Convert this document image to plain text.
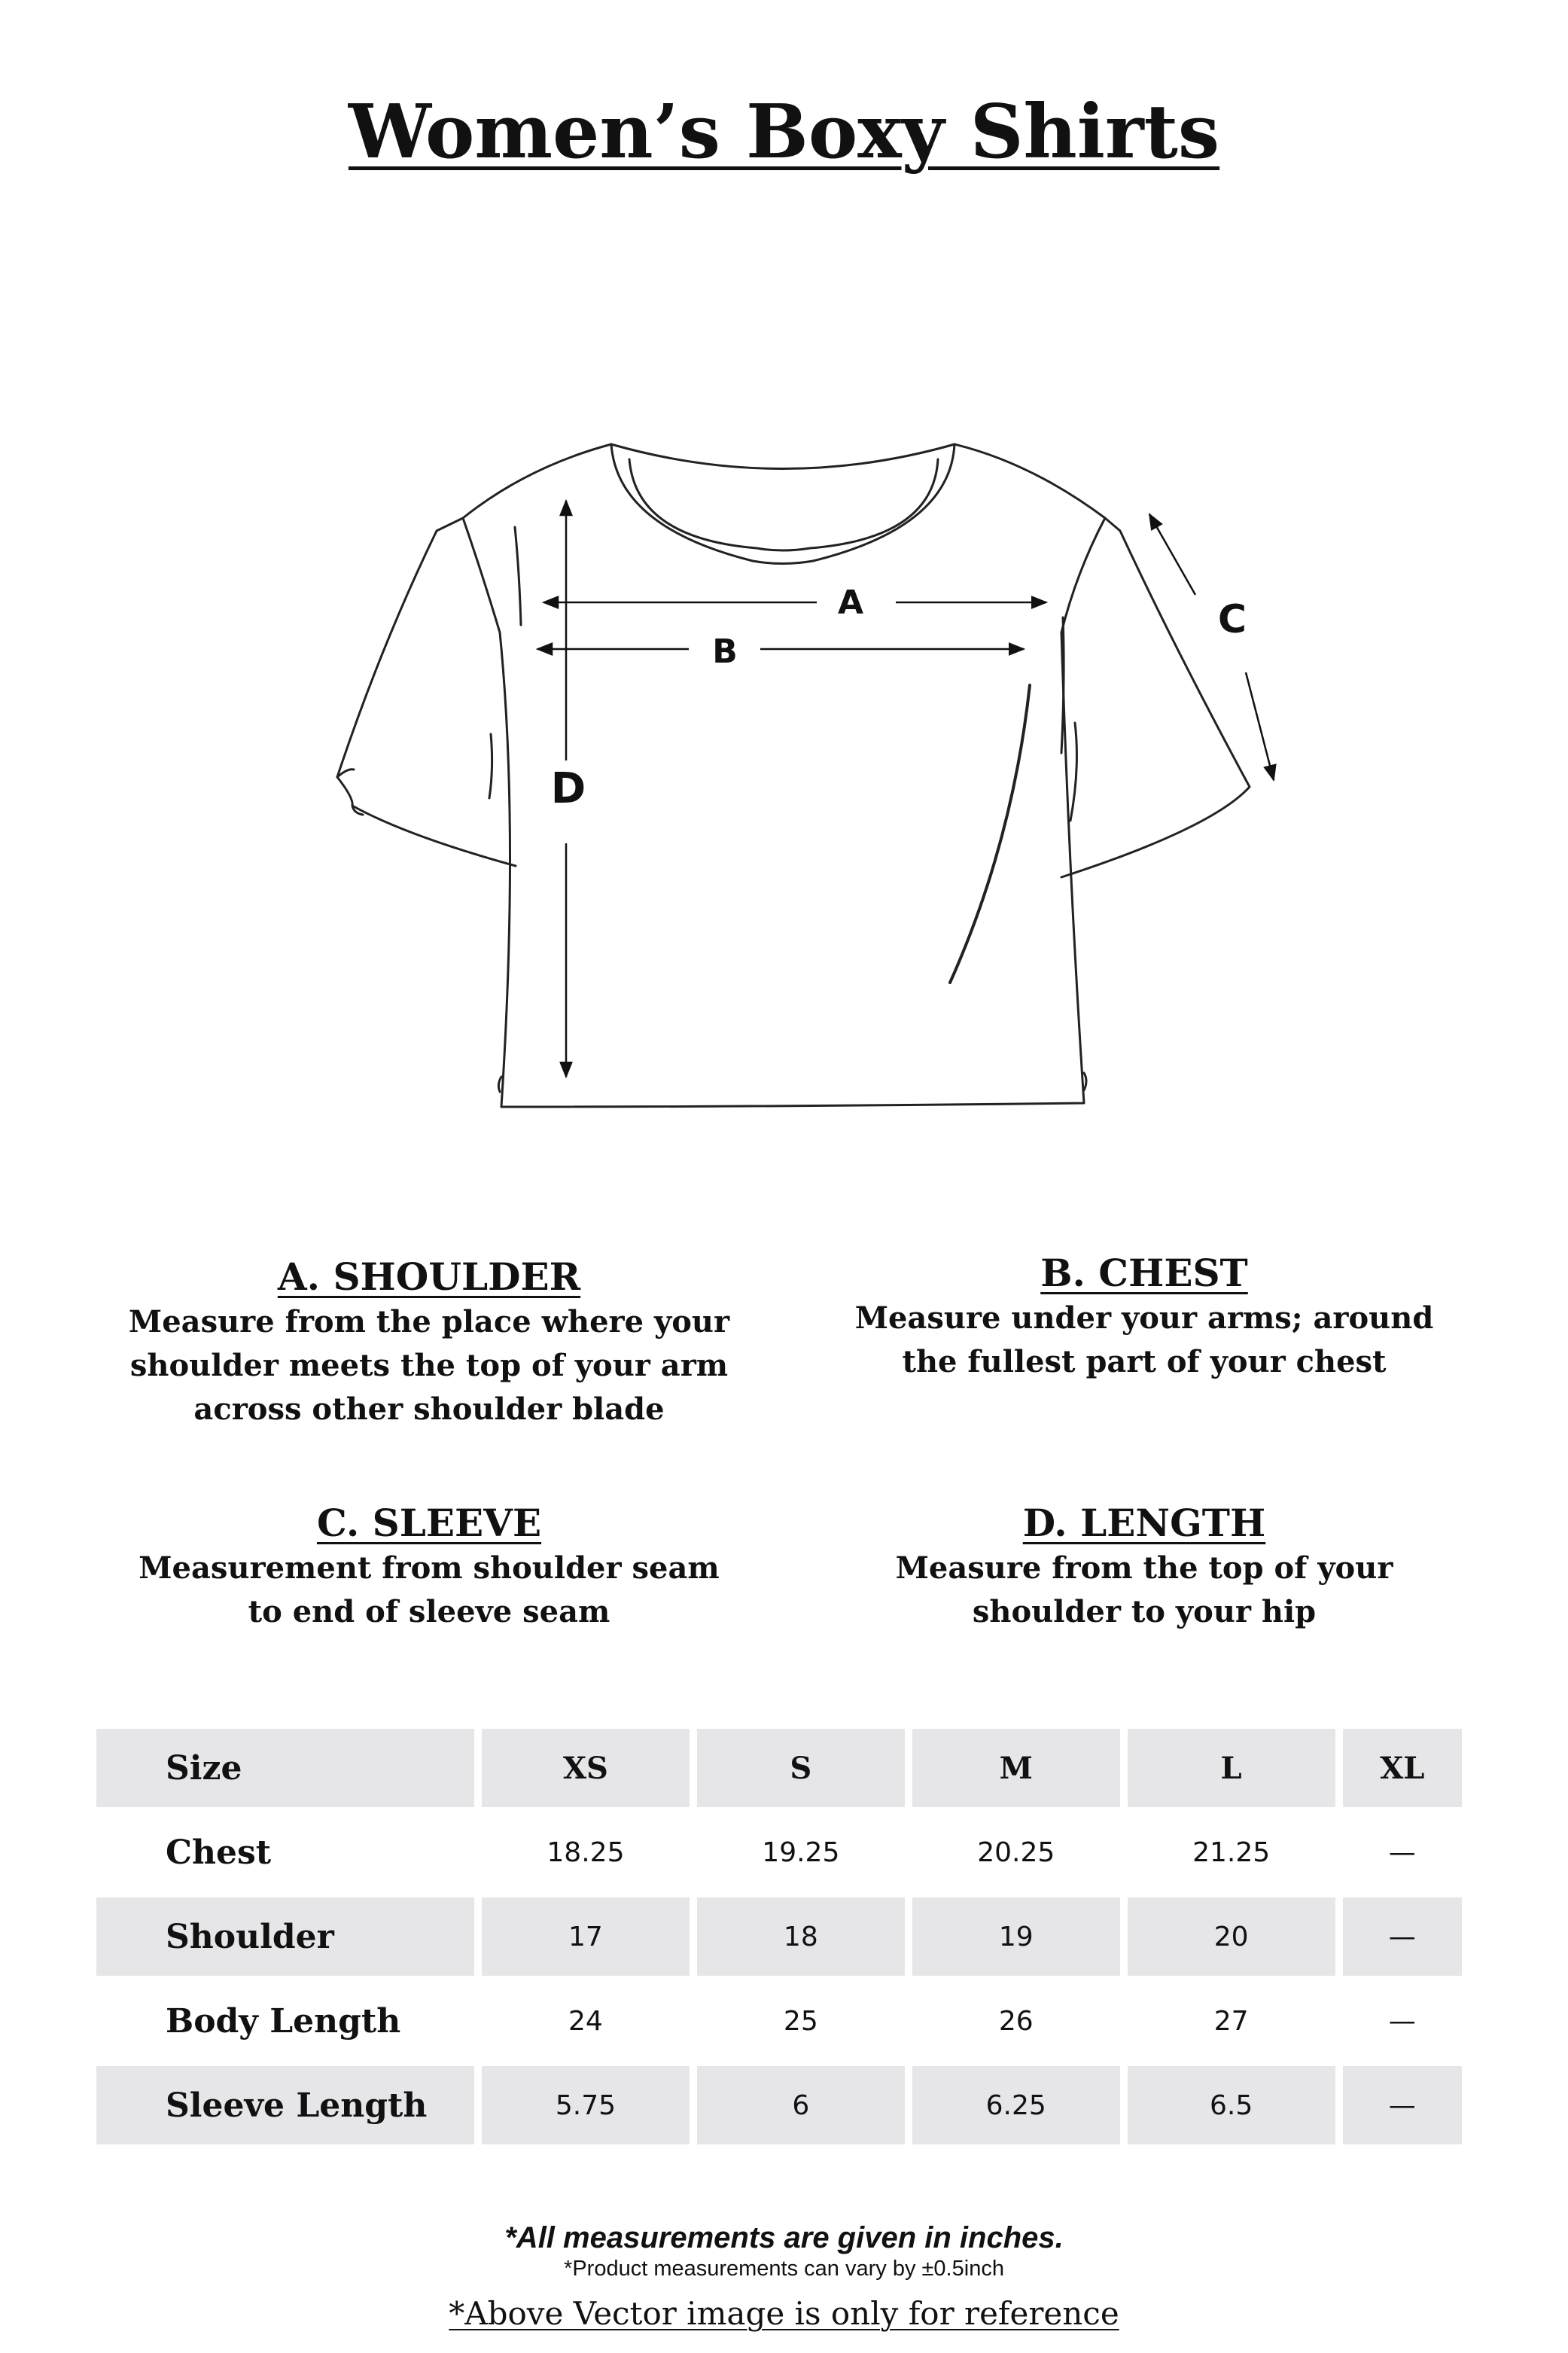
Women’s Boxy Shirts
A
B
C
D
A. SHOULDER
Measure from the place where your
shoulder meets the top of your arm
across other shoulder blade
B. CHEST
Measure under your arms; around
the fullest part of your chest
C. SLEEVE
Measurement from shoulder seam
to end of sleeve seam
D. LENGTH
Measure from the top of your
shoulder to your hip
Size	XS	S	M	L	XL

Chest	18.25	19.25	20.25	21.25	—

Shoulder	17	18	19	20	—

Body Length	24	25	26	27	—

Sleeve Length	5.75	6	6.25	6.5	—
*All measurements are given in inches.
*Product measurements can vary by ±0.5inch
*Above Vector image is only for reference
